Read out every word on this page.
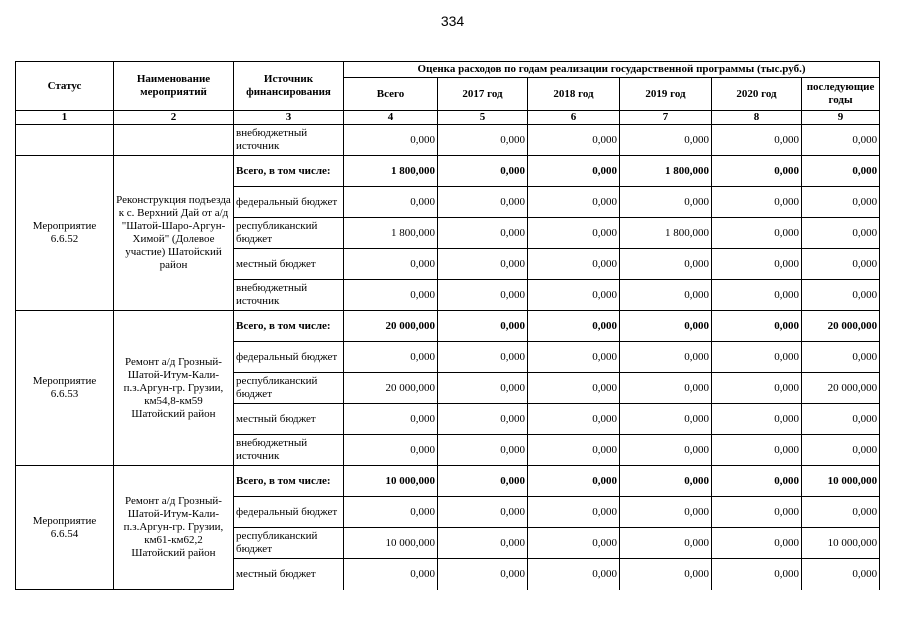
334
Статус	Наименование мероприятий	Источник финансирования	Оценка расходов по годам реализации государственной программы (тыс.руб.)					
			Всего	2017 год	2018 год	2019 год	2020 год	последующие годы
1	2	3	4	5	6	7	8	9
		внебюджетный источник	0,000	0,000	0,000	0,000	0,000	0,000
Мероприятие 6.6.52	Реконструкция подъезда к с. Верхний Дай от а/д "Шатой-Шаро-Аргун-Химой" (Долевое участие) Шатойский район	Всего, в том числе:	1 800,000	0,000	0,000	1 800,000	0,000	0,000
		федеральный бюджет	0,000	0,000	0,000	0,000	0,000	0,000
		республиканский бюджет	1 800,000	0,000	0,000	1 800,000	0,000	0,000
		местный бюджет	0,000	0,000	0,000	0,000	0,000	0,000
		внебюджетный источник	0,000	0,000	0,000	0,000	0,000	0,000
Мероприятие 6.6.53	Ремонт а/д Грозный-Шатой-Итум-Кали-п.з.Аргун-гр. Грузии, км54,8-км59 Шатойский район	Всего, в том числе:	20 000,000	0,000	0,000	0,000	0,000	20 000,000
		федеральный бюджет	0,000	0,000	0,000	0,000	0,000	0,000
		республиканский бюджет	20 000,000	0,000	0,000	0,000	0,000	20 000,000
		местный бюджет	0,000	0,000	0,000	0,000	0,000	0,000
		внебюджетный источник	0,000	0,000	0,000	0,000	0,000	0,000
Мероприятие 6.6.54	Ремонт а/д Грозный-Шатой-Итум-Кали-п.з.Аргун-гр. Грузии, км61-км62,2 Шатойский район	Всего, в том числе:	10 000,000	0,000	0,000	0,000	0,000	10 000,000
		федеральный бюджет	0,000	0,000	0,000	0,000	0,000	0,000
		республиканский бюджет	10 000,000	0,000	0,000	0,000	0,000	10 000,000
		местный бюджет	0,000	0,000	0,000	0,000	0,000	0,000
